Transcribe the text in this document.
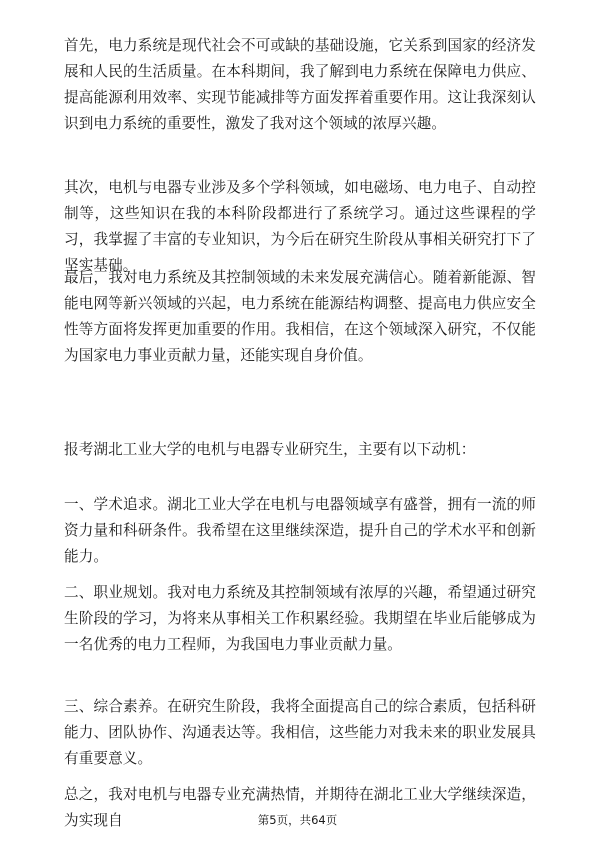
首先，电力系统是现代社会不可或缺的基础设施，它关系到国家的经济发展和人民的生活质量。在本科期间，我了解到电力系统在保障电力供应、提高能源利用效率、实现节能减排等方面发挥着重要作用。这让我深刻认识到电力系统的重要性，激发了我对这个领域的浓厚兴趣。

其次，电机与电器专业涉及多个学科领域，如电磁场、电力电子、自动控制等，这些知识在我的本科阶段都进行了系统学习。通过这些课程的学习，我掌握了丰富的专业知识，为今后在研究生阶段从事相关研究打下了坚实基础。

最后，我对电力系统及其控制领域的未来发展充满信心。随着新能源、智能电网等新兴领域的兴起，电力系统在能源结构调整、提高电力供应安全性等方面将发挥更加重要的作用。我相信，在这个领域深入研究，不仅能为国家电力事业贡献力量，还能实现自身价值。

报考湖北工业大学的电机与电器专业研究生，主要有以下动机：

一、学术追求。湖北工业大学在电机与电器领域享有盛誉，拥有一流的师资力量和科研条件。我希望在这里继续深造，提升自己的学术水平和创新能力。

二、职业规划。我对电力系统及其控制领域有浓厚的兴趣，希望通过研究生阶段的学习，为将来从事相关工作积累经验。我期望在毕业后能够成为一名优秀的电力工程师，为我国电力事业贡献力量。

三、综合素养。在研究生阶段，我将全面提高自己的综合素质，包括科研能力、团队协作、沟通表达等。我相信，这些能力对我未来的职业发展具有重要意义。

总之，我对电机与电器专业充满热情，并期待在湖北工业大学继续深造，为实现自	第5页，共64页
